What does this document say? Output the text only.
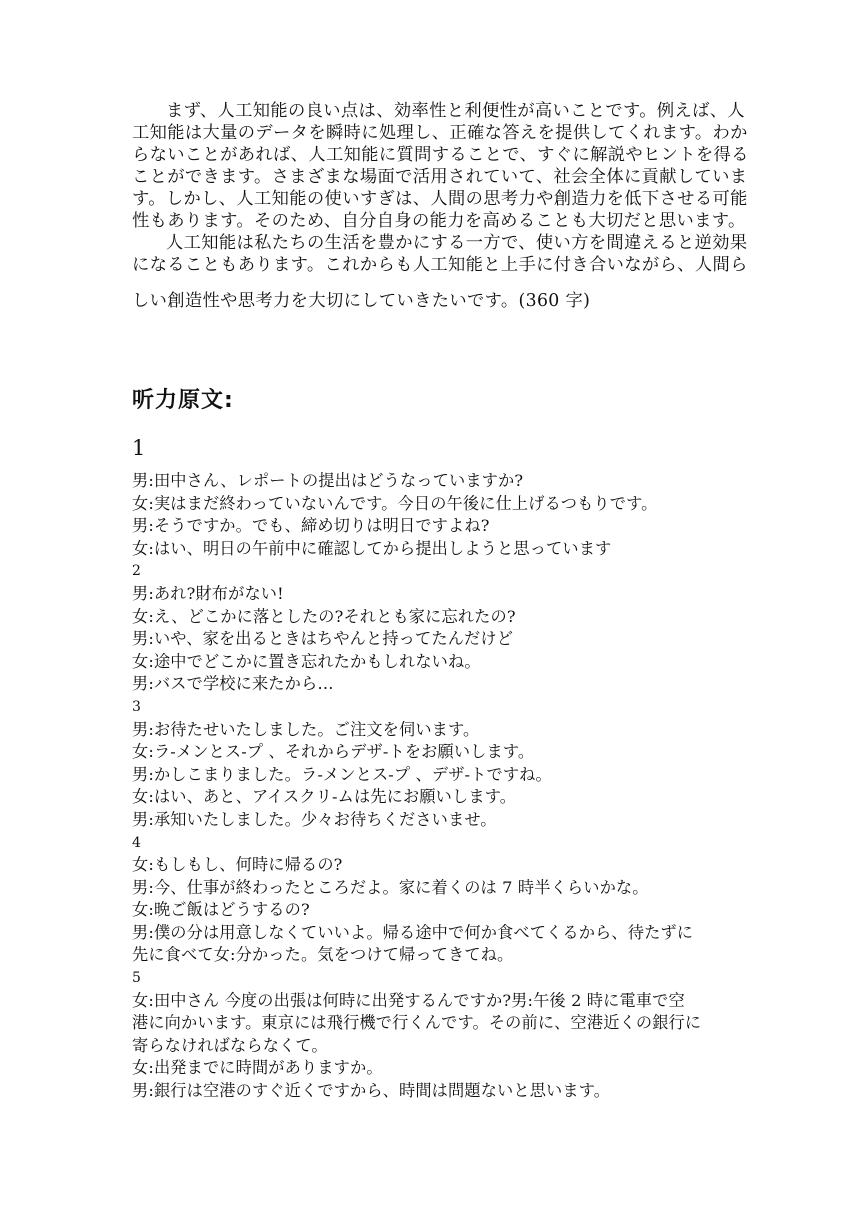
まず、人工知能の良い点は、効率性と利便性が高いことです。例えば、人
工知能は大量のデータを瞬時に処理し、正確な答えを提供してくれます。わか
らないことがあれば、人工知能に質問することで、すぐに解説やヒントを得る
ことができます。さまざまな場面で活用されていて、社会全体に貢献していま
す。しかし、人工知能の使いすぎは、人間の思考力や創造力を低下させる可能
性もあります。そのため、自分自身の能力を高めることも大切だと思います。
人工知能は私たちの生活を豊かにする一方で、使い方を間違えると逆効果
になることもあります。これからも人工知能と上手に付き合いながら、人間ら
しい創造性や思考力を大切にしていきたいです。(360 字)
听力原文:
1
男:田中さん、レポートの提出はどうなっていますか?
女:実はまだ終わっていないんです。今日の午後に仕上げるつもりです。
男:そうですか。でも、締め切りは明日ですよね?
女:はい、明日の午前中に確認してから提出しようと思っています
2
男:あれ?財布がない!
女:え、どこかに落としたの?それとも家に忘れたの?
男:いや、家を出るときはちやんと持ってたんだけど
女:途中でどこかに置き忘れたかもしれないね。
男:バスで学校に来たから…
3
男:お待たせいたしました。ご注文を伺います。
女:ラ-メンとス-プ 、それからデザ-トをお願いします。
男:かしこまりました。ラ-メンとス-プ 、デザ-トですね。
女:はい、あと、アイスクリ-ムは先にお願いします。
男:承知いたしました。少々お待ちくださいませ。
4
女:もしもし、何時に帰るの?
男:今、仕事が終わったところだよ。家に着くのは 7 時半くらいかな。
女:晩ご飯はどうするの?
男:僕の分は用意しなくていいよ。帰る途中で何か食べてくるから、待たずに
先に食べて女:分かった。気をつけて帰ってきてね。
5
女:田中さん 今度の出張は何時に出発するんですか?男:午後 2 時に電車で空
港に向かいます。東京には飛行機で行くんです。その前に、空港近くの銀行に
寄らなければならなくて。
女:出発までに時間がありますか。
男:銀行は空港のすぐ近くですから、時間は問題ないと思います。
